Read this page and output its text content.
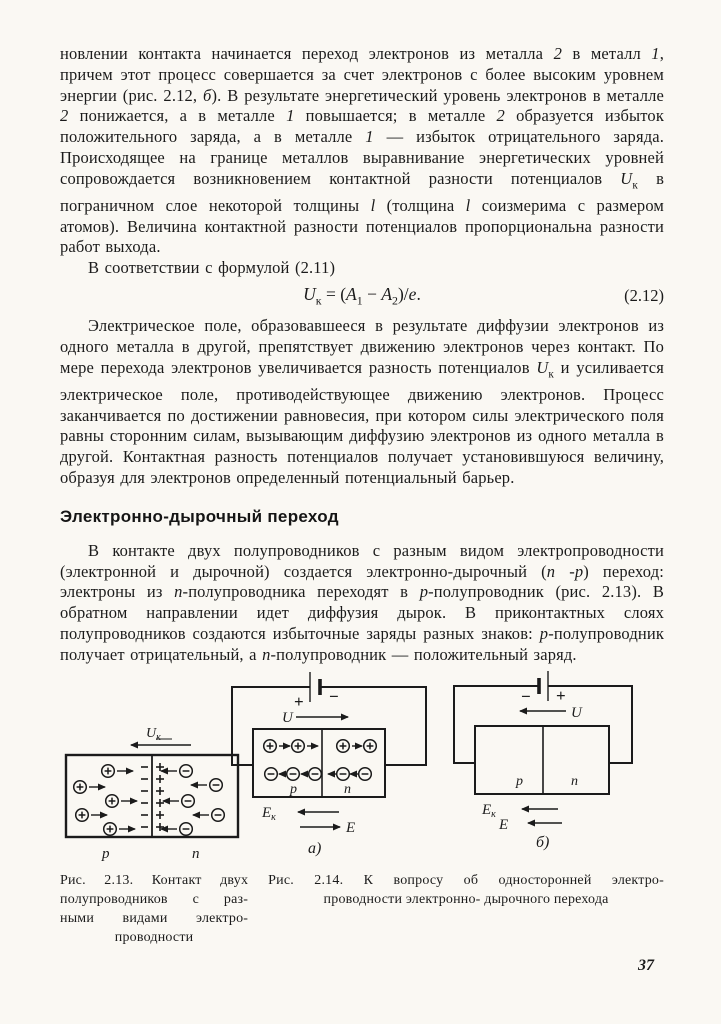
новлении контакта начинается переход электронов из металла 2 в металл 1, причем этот процесс совершается за счет электронов с более высоким уровнем энергии (рис. 2.12, б). В результате энергетический уровень электронов в металле 2 понижается, а в металле 1 повышается; в металле 2 образуется избыток положительного заряда, а в металле 1 — избыток отрицательного заряда. Происходящее на границе металлов выравнивание энергетических уровней сопровождается возникновением контактной разности потенциалов $U_к$ в пограничном слое некоторой толщины l (толщина l соизмерима с размером атомов). Величина контактной разности потенциалов пропорциональна разности работ выхода.

В соответствии с формулой (2.11)

$U_к = (A_1 - A_2)/e$.	(2.12)

Электрическое поле, образовавшееся в результате диффузии электронов из одного металла в другой, препятствует движению электронов через контакт. По мере перехода электронов увеличивается разность потенциалов $U_к$ и усиливается электрическое поле, противодействующее движению электронов. Процесс заканчивается по достижении равновесия, при котором силы электрического поля равны сторонним силам, вызывающим диффузию электронов из одного металла в другой. Контактная разность потенциалов получает установившуюся величину, образуя для электронов определенный потенциальный барьер.

Электронно-дырочный переход

В контакте двух полупроводников с разным видом электропроводности (электронной и дырочной) создается электронно-дырочный (n -p) переход: электроны из n-полупроводника переходят в p-полупроводник (рис. 2.13). В обратном направлении идет диффузия дырок. В приконтактных слоях полупроводников создаются избыточные заряды разных знаков: p-полупроводник получает отрицательный, а n-полупроводник — положительный заряд.

$U_к$
p	n
+ −
U
p	n
$E_к$
E
а)
− +
U
p	n
$E_к$
E
б)
Рис. 2.13. Контакт двух
полупроводников с раз-
ными видами электро-
проводности
Рис. 2.14. К вопросу об односторонней электро-
проводности электронно- дырочного перехода
37
